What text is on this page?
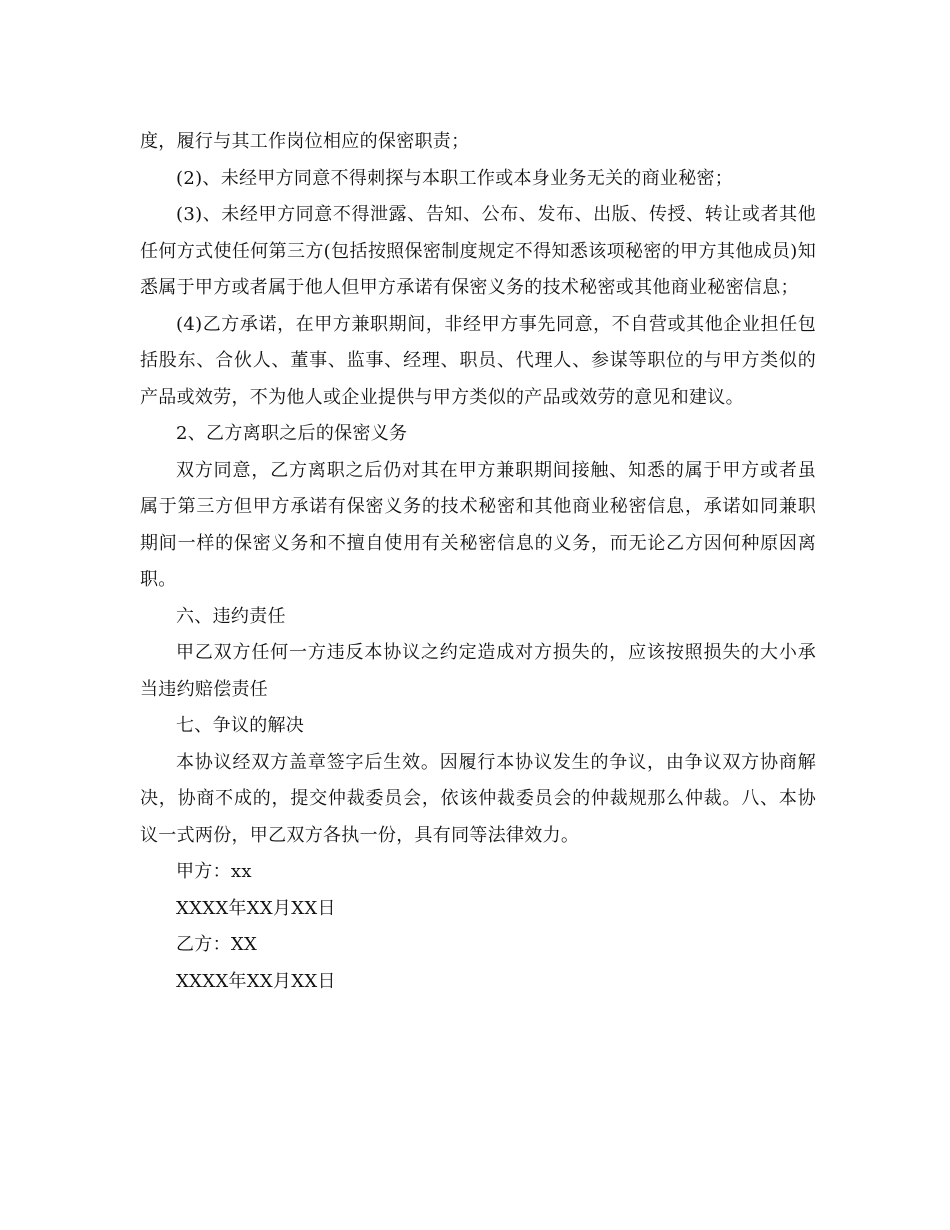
度，履行与其工作岗位相应的保密职责；

(2)、未经甲方同意不得刺探与本职工作或本身业务无关的商业秘密；

(3)、未经甲方同意不得泄露、告知、公布、发布、出版、传授、转让或者其他任何方式使任何第三方(包括按照保密制度规定不得知悉该项秘密的甲方其他成员)知悉属于甲方或者属于他人但甲方承诺有保密义务的技术秘密或其他商业秘密信息；

(4)乙方承诺，在甲方兼职期间，非经甲方事先同意，不自营或其他企业担任包括股东、合伙人、董事、监事、经理、职员、代理人、参谋等职位的与甲方类似的产品或效劳，不为他人或企业提供与甲方类似的产品或效劳的意见和建议。

2、乙方离职之后的保密义务

双方同意，乙方离职之后仍对其在甲方兼职期间接触、知悉的属于甲方或者虽属于第三方但甲方承诺有保密义务的技术秘密和其他商业秘密信息，承诺如同兼职期间一样的保密义务和不擅自使用有关秘密信息的义务，而无论乙方因何种原因离职。

六、违约责任

甲乙双方任何一方违反本协议之约定造成对方损失的，应该按照损失的大小承当违约赔偿责任

七、争议的解决

本协议经双方盖章签字后生效。因履行本协议发生的争议，由争议双方协商解决，协商不成的，提交仲裁委员会，依该仲裁委员会的仲裁规那么仲裁。八、本协议一式两份，甲乙双方各执一份，具有同等法律效力。

甲方：xx

XXXX年XX月XX日

乙方：XX

XXXX年XX月XX日
